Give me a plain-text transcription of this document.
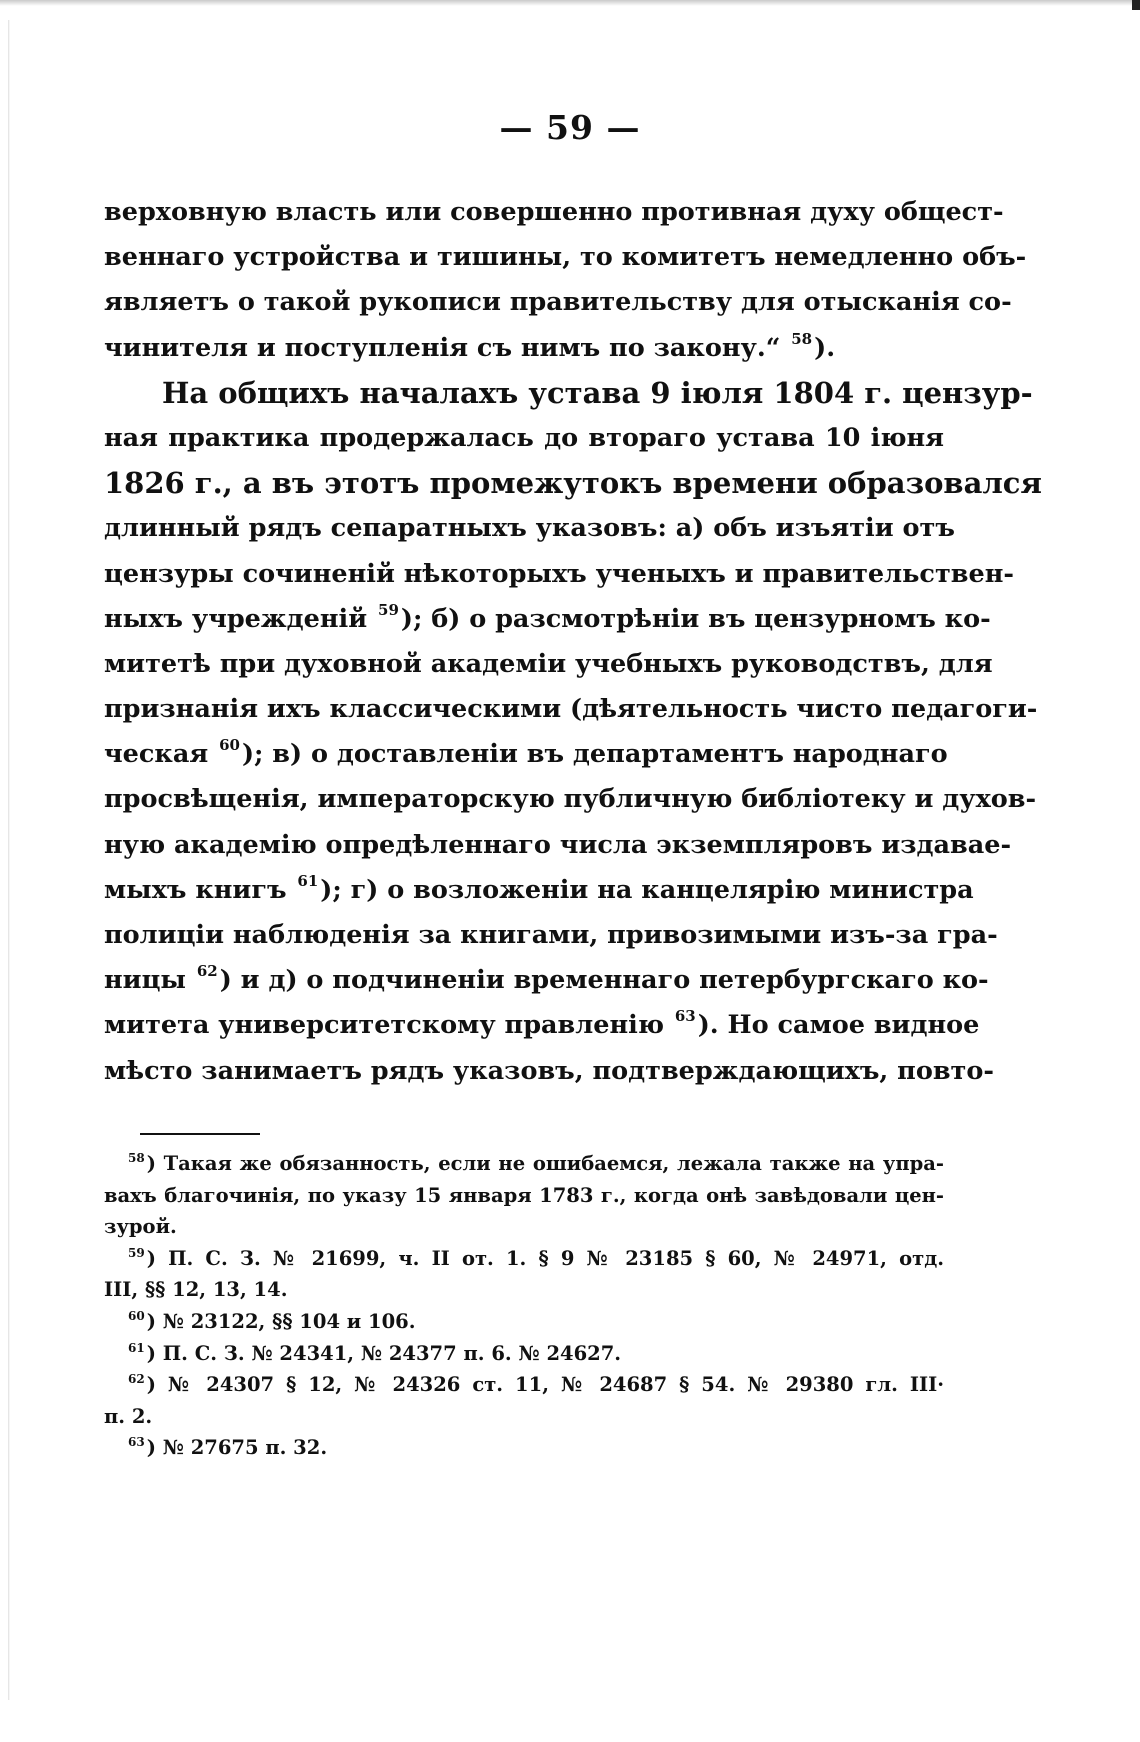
— 59 —
верховную власть или совершенно противная духу общест-
веннаго устройства и тишины, то комитетъ немедленно объ-
являетъ о такой рукописи правительству для отысканія со-
чинителя и поступленія съ нимъ по закону.“ $^{58}$).
На общихъ началахъ устава 9 іюля 1804 г. цензур-
ная практика продержалась до втораго устава 10 іюня
1826 г., а въ этотъ промежутокъ времени образовался
длинный рядъ сепаратныхъ указовъ: а) объ изъятіи отъ
цензуры сочиненій нѣкоторыхъ ученыхъ и правительствен-
ныхъ учрежденій $^{59}$); б) о разсмотрѣніи въ цензурномъ ко-
митетѣ при духовной академіи учебныхъ руководствъ, для
признанія ихъ классическими (дѣятельность чисто педагоги-
ческая $^{60}$); в) о доставленіи въ департаментъ народнаго
просвѣщенія, императорскую публичную библіотеку и духов-
ную академію опредѣленнаго числа экземпляровъ издавае-
мыхъ книгъ $^{61}$); г) о возложеніи на канцелярію министра
полиціи наблюденія за книгами, привозимыми изъ-за гра-
ницы $^{62}$) и д) о подчиненіи временнаго петербургскаго ко-
митета университетскому правленію $^{63}$). Но самое видное
мѣсто занимаетъ рядъ указовъ, подтверждающихъ, повто-
$^{58}$ ) Такая же обязанность, если не ошибаемся, лежала также на упра-
вахъ благочинія, по указу 15 января 1783 г., когда онѣ завѣдовали цен-
зурой.
$^{59}$ ) П. С. З. № 21699, ч. II от. 1. § 9 № 23185 § 60, № 24971, отд.
III, §§ 12, 13, 14.
$^{60}$ ) № 23122, §§ 104 и 106.
$^{61}$ ) П. С. З. № 24341, № 24377 п. 6. № 24627.
$^{62}$ ) № 24307 § 12, № 24326 ст. 11, № 24687 § 54. № 29380 гл. III·
п. 2.
$^{63}$ ) № 27675 п. 32.
